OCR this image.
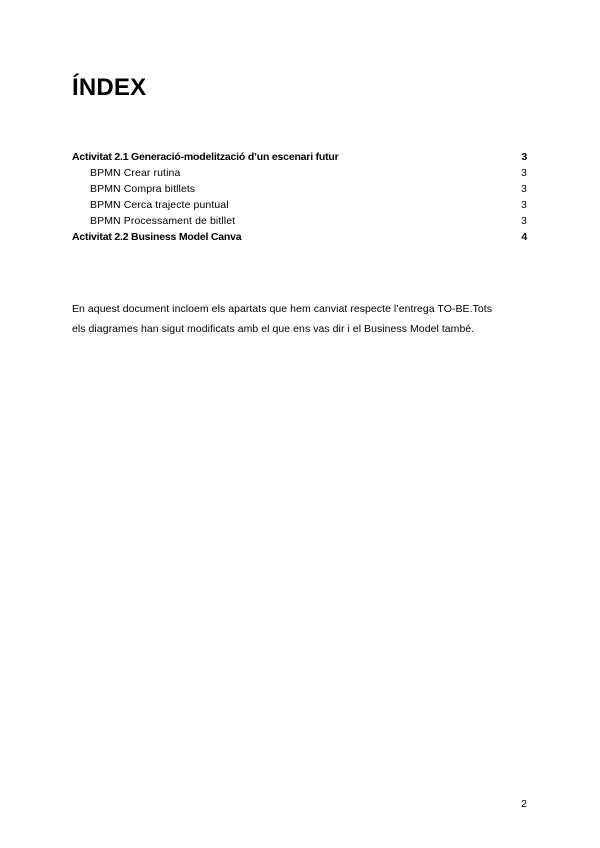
ÍNDEX
Activitat 2.1 Generació-modelització d’un escenari futur	3
BPMN Crear rutina	3
BPMN Compra bitllets	3
BPMN Cerca trajecte puntual	3
BPMN Processament de bitllet	3
Activitat 2.2 Business Model Canva	4

En aquest document incloem els apartats que hem canviat respecte l’entrega TO-BE.Tots
els diagrames han sigut modificats amb el que ens vas dir i el Business Model també.

2
